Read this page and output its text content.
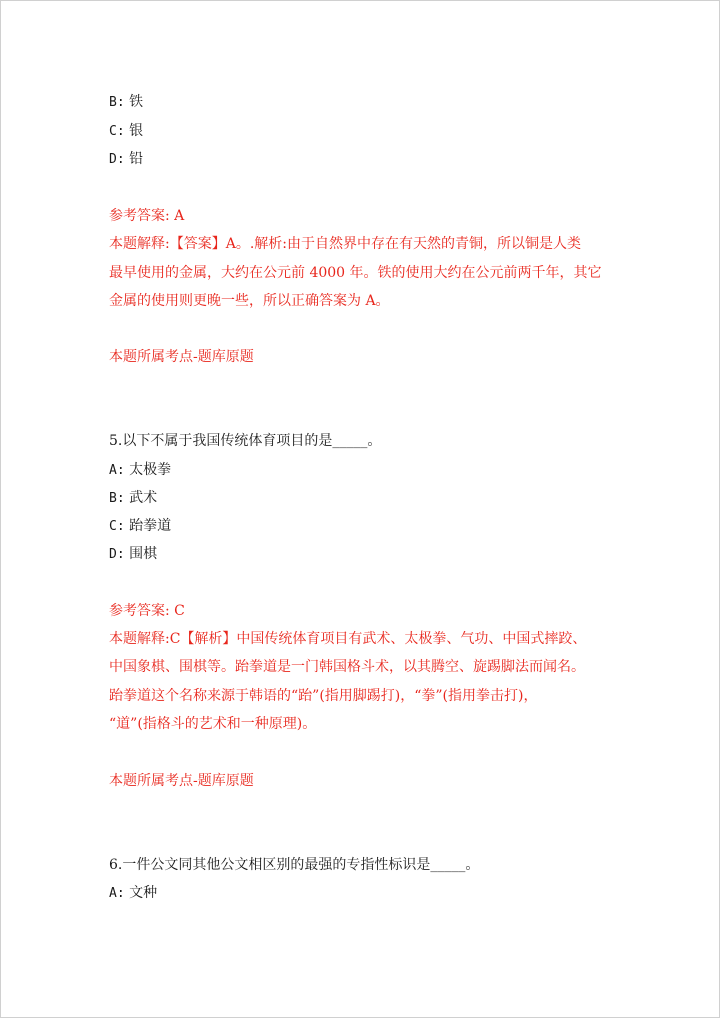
B: 铁
C: 银
D: 铅
参考答案: A
本题解释:【答案】A。.解析:由于自然界中存在有天然的青铜，所以铜是人类
最早使用的金属，大约在公元前 4000 年。铁的使用大约在公元前两千年，其它
金属的使用则更晚一些，所以正确答案为 A。
本题所属考点-题库原题
5.以下不属于我国传统体育项目的是_____。
A: 太极拳
B: 武术
C: 跆拳道
D: 围棋
参考答案: C
本题解释:C【解析】中国传统体育项目有武术、太极拳、气功、中国式摔跤、
中国象棋、围棋等。跆拳道是一门韩国格斗术，以其腾空、旋踢脚法而闻名。
跆拳道这个名称来源于韩语的“跆”(指用脚踢打)，“拳”(指用拳击打)，
“道”(指格斗的艺术和一种原理)。
本题所属考点-题库原题
6.一件公文同其他公文相区别的最强的专指性标识是_____。
A: 文种
